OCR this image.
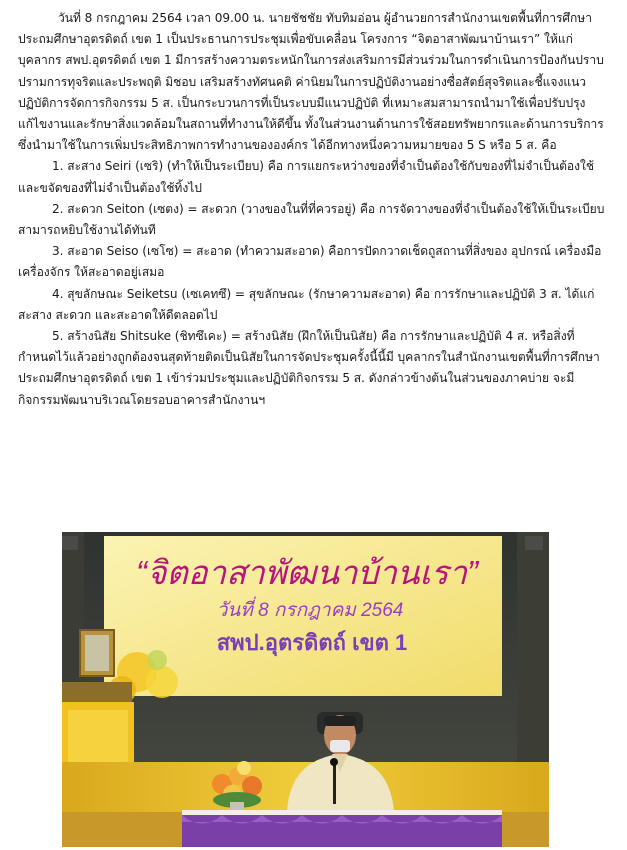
วันที่ 8 กรกฎาคม 2564 เวลา 09.00 น. นายชัชชัย ทับทิมอ่อน ผู้อำนวยการสำนักงานเขตพื้นที่การศึกษาประถมศึกษาอุตรดิตถ์ เขต 1 เป็นประธานการประชุมเพื่อขับเคลื่อน โครงการ “จิตอาสาพัฒนาบ้านเรา” ให้แก่บุคลากร สพป.อุตรดิตถ์ เขต 1 มีการสร้างความตระหนักในการส่งเสริมการมีส่วนร่วมในการดำเนินการป้องกันปราบปรามการทุจริตและประพฤติ มิชอบ เสริมสร้างทัศนคติ ค่านิยมในการปฏิบัติงานอย่างซื่อสัตย์สุจริตและชี้แจงแนวปฏิบัติการจัดการกิจกรรม 5 ส. เป็นกระบวนการที่เป็นระบบมีแนวปฏิบัติ ที่เหมาะสมสามารถนำมาใช้เพื่อปรับปรุงแก้ไขงานและรักษาสิ่งแวดล้อมในสถานที่ทำงานให้ดีขึ้น ทั้งในส่วนงานด้านการใช้สอยทรัพยากรและด้านการบริการ ซึ่งนำมาใช้ในการเพิ่มประสิทธิภาพการทำงานขององค์กร ได้อีกทางหนึ่งความหมายของ 5 S หรือ 5 ส. คือ

1. สะสาง Seiri (เซริ) (ทำให้เป็นระเบียบ) คือ การแยกระหว่างของที่จำเป็นต้องใช้กับของที่ไม่จำเป็นต้องใช้ และขจัดของที่ไม่จำเป็นต้องใช้ทิ้งไป

2. สะดวก Seiton (เซตง) = สะดวก (วางของในที่ที่ควรอยู่) คือ การจัดวางของที่จำเป็นต้องใช้ให้เป็นระเบียบสามารถหยิบใช้งานได้ทันที

3. สะอาด Seiso (เซโซ) = สะอาด (ทำความสะอาด) คือการปัดกวาดเช็ดถูสถานที่สิ่งของ อุปกรณ์ เครื่องมือเครื่องจักร ให้สะอาดอยู่เสมอ

4. สุขลักษณะ Seiketsu (เซเคทซึ) = สุขลักษณะ (รักษาความสะอาด) คือ การรักษาและปฏิบัติ 3 ส. ได้แก่ สะสาง สะดวก และสะอาดให้ดีตลอดไป

5. สร้างนิสัย Shitsuke (ชิทซึเคะ) = สร้างนิสัย (ฝึกให้เป็นนิสัย) คือ การรักษาและปฏิบัติ 4 ส. หรือสิ่งที่ กำหนดไว้แล้วอย่างถูกต้องจนสุดท้ายติดเป็นนิสัยในการจัดประชุมครั้งนี้นี้มี บุคลากรในสำนักงานเขตพื้นที่การศึกษาประถมศึกษาอุตรดิตถ์ เขต 1 เข้าร่วมประชุมและปฏิบัติกิจกรรม 5 ส. ดังกล่าวข้างต้นในส่วนของภาคบ่าย จะมีกิจกรรมพัฒนาบริเวณโดยรอบอาคารสำนักงานฯ

“จิตอาสาพัฒนาบ้านเรา”
วันที่ 8 กรกฎาคม 2564
สพป.อุตรดิตถ์ เขต 1
